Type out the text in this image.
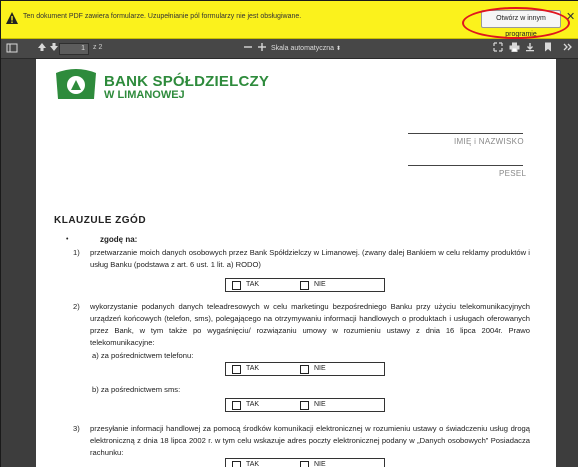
Ten dokument PDF zawiera formularze. Uzupełnianie pól formularzy nie jest obsługiwane.	Otwórz w innym programie
✕
1	z 2	Skala automatyczna ⬍
BANK SPÓŁDZIELCZY
W LIMANOWEJ
IMIĘ i NAZWISKO
PESEL
KLAUZULE ZGÓD
•	zgodę na:
1) przetwarzanie moich danych osobowych przez Bank Spółdzielczy w Limanowej. (zwany dalej Bankiem w celu reklamy produktów i usług Banku (podstawa z art. 6 ust. 1 lit. a) RODO)
TAK	NIE
2) wykorzystanie podanych danych teleadresowych w celu marketingu bezpośredniego Banku przy użyciu telekomunikacyjnych urządzeń końcowych (telefon, sms), polegającego na otrzymywaniu informacji handlowych o produktach i usługach oferowanych przez Bank, w tym także po wygaśnięciu/ rozwiązaniu umowy w rozumieniu ustawy z dnia 16 lipca 2004r. Prawo telekomunikacyjne:
a) za pośrednictwem telefonu:
TAK	NIE
b) za pośrednictwem sms:
TAK	NIE
3) przesyłanie informacji handlowej za pomocą środków komunikacji elektronicznej w rozumieniu ustawy o świadczeniu usług drogą elektroniczną z dnia 18 lipca 2002 r. w tym celu wskazuje adres poczty elektronicznej podany w „Danych osobowych” Posiadacza rachunku:
TAK	NIE
